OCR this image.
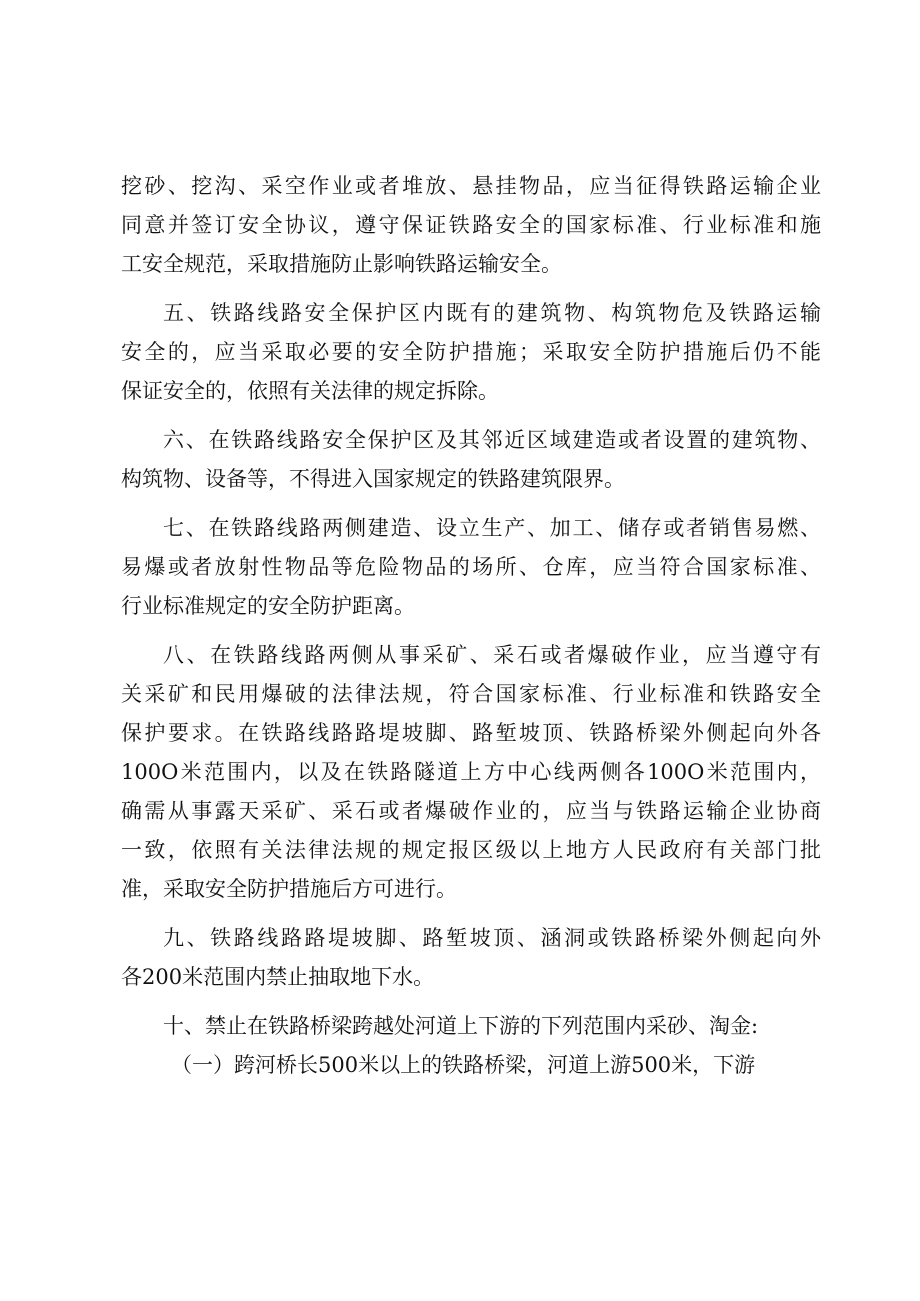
挖砂、挖沟、采空作业或者堆放、悬挂物品，应当征得铁路运输企业
同意并签订安全协议，遵守保证铁路安全的国家标准、行业标准和施
工安全规范，采取措施防止影响铁路运输安全。
五、铁路线路安全保护区内既有的建筑物、构筑物危及铁路运输
安全的，应当采取必要的安全防护措施；采取安全防护措施后仍不能
保证安全的，依照有关法律的规定拆除。
六、在铁路线路安全保护区及其邻近区域建造或者设置的建筑物、
构筑物、设备等，不得进入国家规定的铁路建筑限界。
七、在铁路线路两侧建造、设立生产、加工、储存或者销售易燃、
易爆或者放射性物品等危险物品的场所、仓库，应当符合国家标准、
行业标准规定的安全防护距离。
八、在铁路线路两侧从事采矿、采石或者爆破作业，应当遵守有
关采矿和民用爆破的法律法规，符合国家标准、行业标准和铁路安全
保护要求。在铁路线路路堤坡脚、路堑坡顶、铁路桥梁外侧起向外各
100O米范围内，以及在铁路隧道上方中心线两侧各100O米范围内，
确需从事露天采矿、采石或者爆破作业的，应当与铁路运输企业协商
一致，依照有关法律法规的规定报区级以上地方人民政府有关部门批
准，采取安全防护措施后方可进行。
九、铁路线路路堤坡脚、路堑坡顶、涵洞或铁路桥梁外侧起向外
各200米范围内禁止抽取地下水。
十、禁止在铁路桥梁跨越处河道上下游的下列范围内采砂、淘金:
（一）跨河桥长500米以上的铁路桥梁，河道上游500米，下游
